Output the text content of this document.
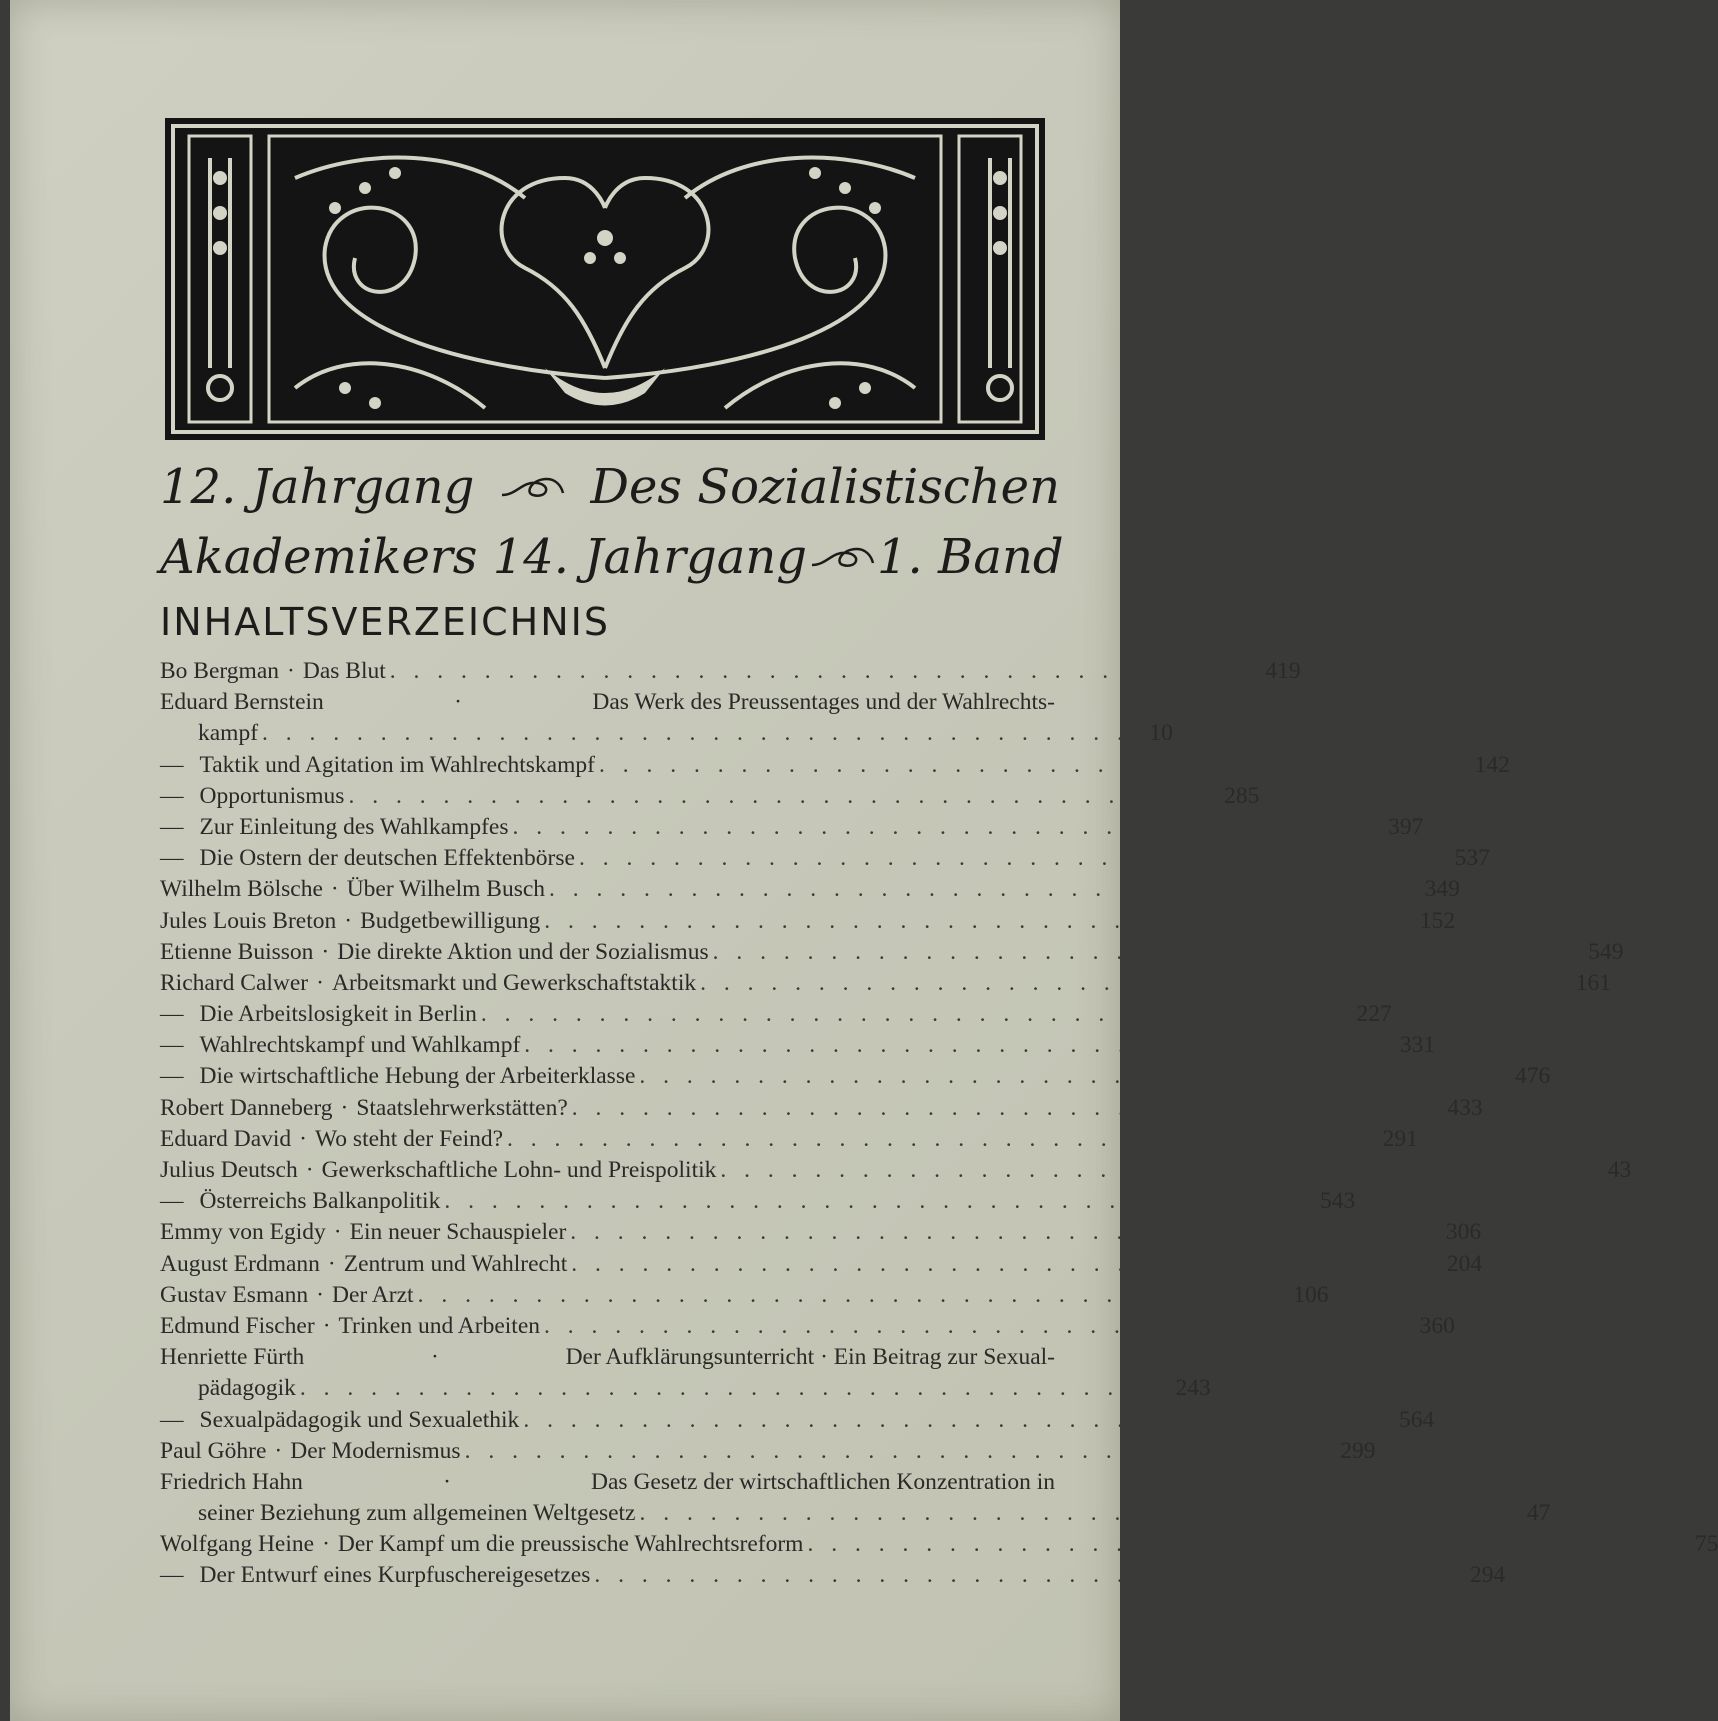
12. Jahrgang Des Sozialistischen
Akademikers 14. Jahrgang 1. Band
INHALTSVERZEICHNIS
Bo Bergman · Das Blut . . . . . . . . . . . . . . . . . . . . . . . . . . . . . . . . . . . . . 419
Eduard Bernstein	·	Das Werk des Preussentages und der Wahlrechts-
kampf . . . . . . . . . . . . . . . . . . . . . . . . . . . . . . . . . . . . . 10
— Taktik und Agitation im Wahlrechtskampf . . . . . . . . . . . . . . . . . . . . . . . . . . . . . . . . . . . . . 142
— Opportunismus . . . . . . . . . . . . . . . . . . . . . . . . . . . . . . . . . . . . . 285
— Zur Einleitung des Wahlkampfes . . . . . . . . . . . . . . . . . . . . . . . . . . . . . . . . . . . . . 397
— Die Ostern der deutschen Effektenbörse . . . . . . . . . . . . . . . . . . . . . . . . . . . . . . . . . . . . . 537
Wilhelm Bölsche · Über Wilhelm Busch . . . . . . . . . . . . . . . . . . . . . . . . . . . . . . . . . . . . . 349
Jules Louis Breton · Budgetbewilligung . . . . . . . . . . . . . . . . . . . . . . . . . . . . . . . . . . . . . 152
Etienne Buisson · Die direkte Aktion und der Sozialismus . . . . . . . . . . . . . . . . . . . . . . . . . . . . . . . . . . . . . 549
Richard Calwer · Arbeitsmarkt und Gewerkschaftstaktik . . . . . . . . . . . . . . . . . . . . . . . . . . . . . . . . . . . . . 161
— Die Arbeitslosigkeit in Berlin . . . . . . . . . . . . . . . . . . . . . . . . . . . . . . . . . . . . . 227
— Wahlrechtskampf und Wahlkampf . . . . . . . . . . . . . . . . . . . . . . . . . . . . . . . . . . . . . 331
— Die wirtschaftliche Hebung der Arbeiterklasse . . . . . . . . . . . . . . . . . . . . . . . . . . . . . . . . . . . . . 476
Robert Danneberg · Staatslehrwerkstätten? . . . . . . . . . . . . . . . . . . . . . . . . . . . . . . . . . . . . . 433
Eduard David · Wo steht der Feind? . . . . . . . . . . . . . . . . . . . . . . . . . . . . . . . . . . . . . 291
Julius Deutsch · Gewerkschaftliche Lohn- und Preispolitik . . . . . . . . . . . . . . . . . . . . . . . . . . . . . . . . . . . . . 43
— Österreichs Balkanpolitik . . . . . . . . . . . . . . . . . . . . . . . . . . . . . . . . . . . . . 543
Emmy von Egidy · Ein neuer Schauspieler . . . . . . . . . . . . . . . . . . . . . . . . . . . . . . . . . . . . . 306
August Erdmann · Zentrum und Wahlrecht . . . . . . . . . . . . . . . . . . . . . . . . . . . . . . . . . . . . . 204
Gustav Esmann · Der Arzt . . . . . . . . . . . . . . . . . . . . . . . . . . . . . . . . . . . . . 106
Edmund Fischer · Trinken und Arbeiten . . . . . . . . . . . . . . . . . . . . . . . . . . . . . . . . . . . . . 360
Henriette Fürth	·	Der Aufklärungsunterricht · Ein Beitrag zur Sexual-
pädagogik . . . . . . . . . . . . . . . . . . . . . . . . . . . . . . . . . . . . . 243
— Sexualpädagogik und Sexualethik . . . . . . . . . . . . . . . . . . . . . . . . . . . . . . . . . . . . . 564
Paul Göhre · Der Modernismus . . . . . . . . . . . . . . . . . . . . . . . . . . . . . . . . . . . . . 299
Friedrich Hahn	·	Das Gesetz der wirtschaftlichen Konzentration in
seiner Beziehung zum allgemeinen Weltgesetz . . . . . . . . . . . . . . . . . . . . . . . . . . . . . . . . . . . . . 47
Wolfgang Heine · Der Kampf um die preussische Wahlrechtsreform . . . . . . . . . . . . . . . . . . . . . . . . . . . . . . . . . . . . . 75
— Der Entwurf eines Kurpfuschereigesetzes . . . . . . . . . . . . . . . . . . . . . . . . . . . . . . . . . . . . . 294
